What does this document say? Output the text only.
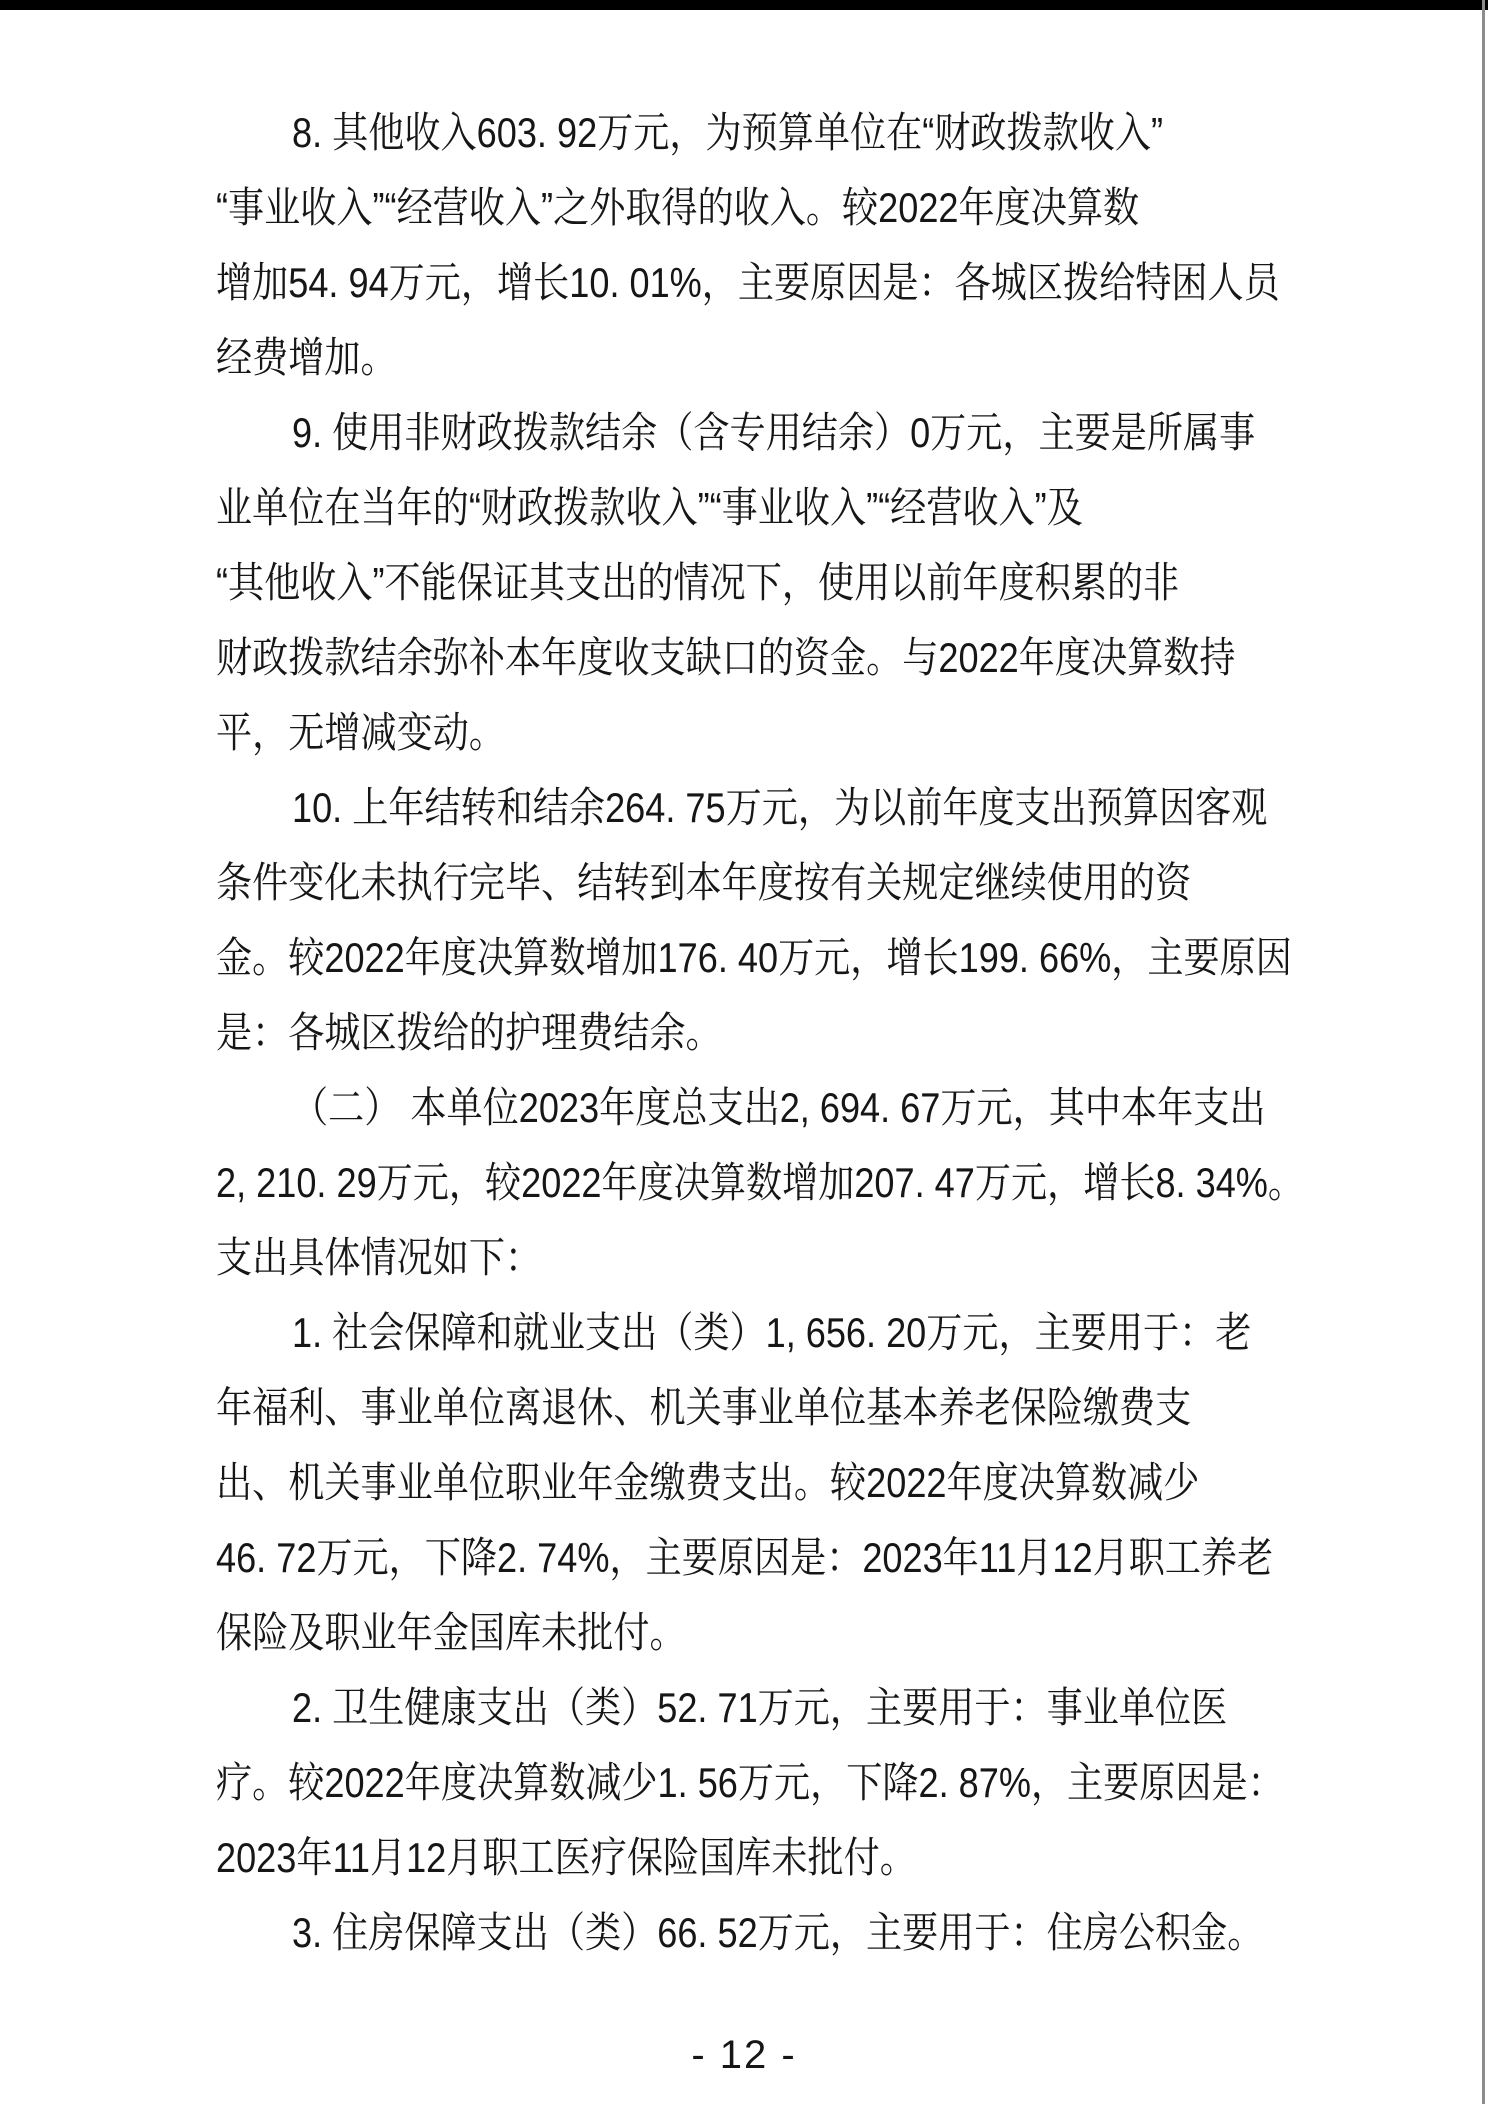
8. 其他收入603. 92万元，为预算单位在“财政拨款收入”
“事业收入”“经营收入”之外取得的收入。较2022年度决算数
增加54. 94万元，增长10. 01%，主要原因是：各城区拨给特困人员
经费增加。
9. 使用非财政拨款结余（含专用结余）0万元，主要是所属事
业单位在当年的“财政拨款收入”“事业收入”“经营收入”及
“其他收入”不能保证其支出的情况下，使用以前年度积累的非
财政拨款结余弥补本年度收支缺口的资金。与2022年度决算数持
平，无增减变动。
10. 上年结转和结余264. 75万元，为以前年度支出预算因客观
条件变化未执行完毕、结转到本年度按有关规定继续使用的资
金。较2022年度决算数增加176. 40万元，增长199. 66%，主要原因
是：各城区拨给的护理费结余。
（二） 本单位2023年度总支出2, 694. 67万元，其中本年支出
2, 210. 29万元，较2022年度决算数增加207. 47万元，增长8. 34%。
支出具体情况如下：
1. 社会保障和就业支出（类）1, 656. 20万元，主要用于：老
年福利、事业单位离退休、机关事业单位基本养老保险缴费支
出、机关事业单位职业年金缴费支出。较2022年度决算数减少
46. 72万元，下降2. 74%，主要原因是：2023年11月12月职工养老
保险及职业年金国库未批付。
2. 卫生健康支出（类）52. 71万元，主要用于：事业单位医
疗。较2022年度决算数减少1. 56万元，下降2. 87%，主要原因是：
2023年11月12月职工医疗保险国库未批付。
3. 住房保障支出（类）66. 52万元，主要用于：住房公积金。
- 12 -
